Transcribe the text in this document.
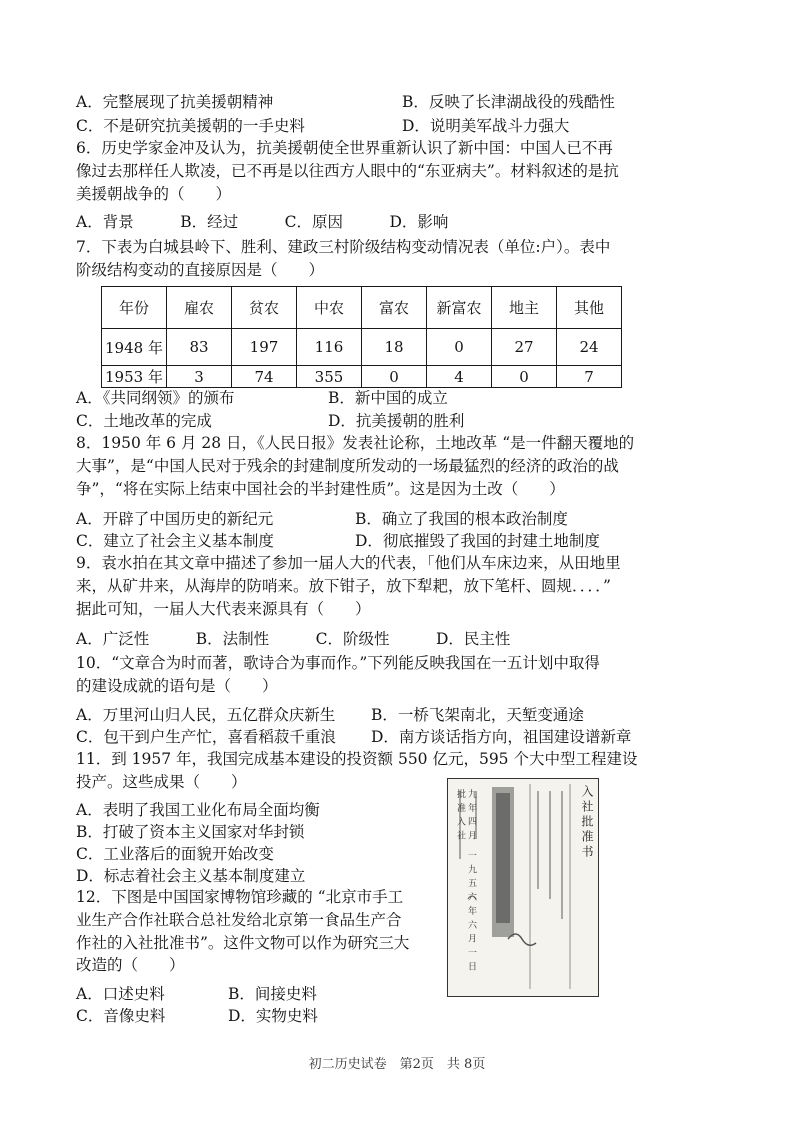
A．完整展现了抗美援朝精神	B．反映了长津湖战役的残酷性
C．不是研究抗美援朝的一手史料	D．说明美军战斗力强大
6．历史学家金冲及认为，抗美援朝使全世界重新认识了新中国：中国人已不再
像过去那样任人欺凌，已不再是以往西方人眼中的“东亚病夫”。材料叙述的是抗
美援朝战争的（　　）
A．背景　　　B．经过　　　C．原因　　　D．影响
7．下表为白城县岭下、胜利、建政三村阶级结构变动情况表（单位:户）。表中
阶级结构变动的直接原因是（　　）
年份	雇农	贫农	中农	富农	新富农	地主	其他
1948 年	83	197	116	18	0	27	24
1953 年	3	74	355	0	4	0	7
A．《共同纲领》的颁布	B．新中国的成立
C．土地改革的完成	D．抗美援朝的胜利
8．1950 年 6 月 28 日，《人民日报》发表社论称，土地改革 “是一件翻天覆地的
大事”，是“中国人民对于残余的封建制度所发动的一场最猛烈的经济的政治的战
争”，“将在实际上结束中国社会的半封建性质”。这是因为土改（　　）
A．开辟了中国历史的新纪元	B．确立了我国的根本政治制度
C．建立了社会主义基本制度	D．彻底摧毁了我国的封建土地制度
9．袁水拍在其文章中描述了参加一届人大的代表，「他们从车床边来，从田地里
来，从矿井来，从海岸的防哨来。放下钳子，放下犁耙，放下笔杆、圆规．．．．”
据此可知，一届人大代表来源具有（　　）
A．广泛性　　　B．法制性　　　C．阶级性　　　D．民主性
10．“文章合为时而著，歌诗合为事而作。”下列能反映我国在一五计划中取得
的建设成就的语句是（　　）
A．万里河山归人民，五亿群众庆新生 B．一桥飞架南北，天堑变通途
C．包干到户生产忙，喜看稻菽千重浪 D．南方谈话指方向，祖国建设谱新章
11．到 1957 年，我国完成基本建设的投资额 550 亿元，595 个大中型工程建设
投产。这些成果（　　）
A．表明了我国工业化布局全面均衡
B．打破了资本主义国家对华封锁
C．工业落后的面貌开始改变
D．标志着社会主义基本制度建立
12．下图是中国国家博物馆珍藏的 “北京市手工
业生产合作社联合总社发给北京第一食品生产合
作社的入社批准书”。这件文物可以作为研究三大
改造的（　　）
A．口述史料	B．间接史料
C．音像史料	D．实物史料
入社批准书
九 年 四 月　一 九 五 六 年 六 月 一 日 批 准 入 社
初二历史试卷　第2页　共 8页
